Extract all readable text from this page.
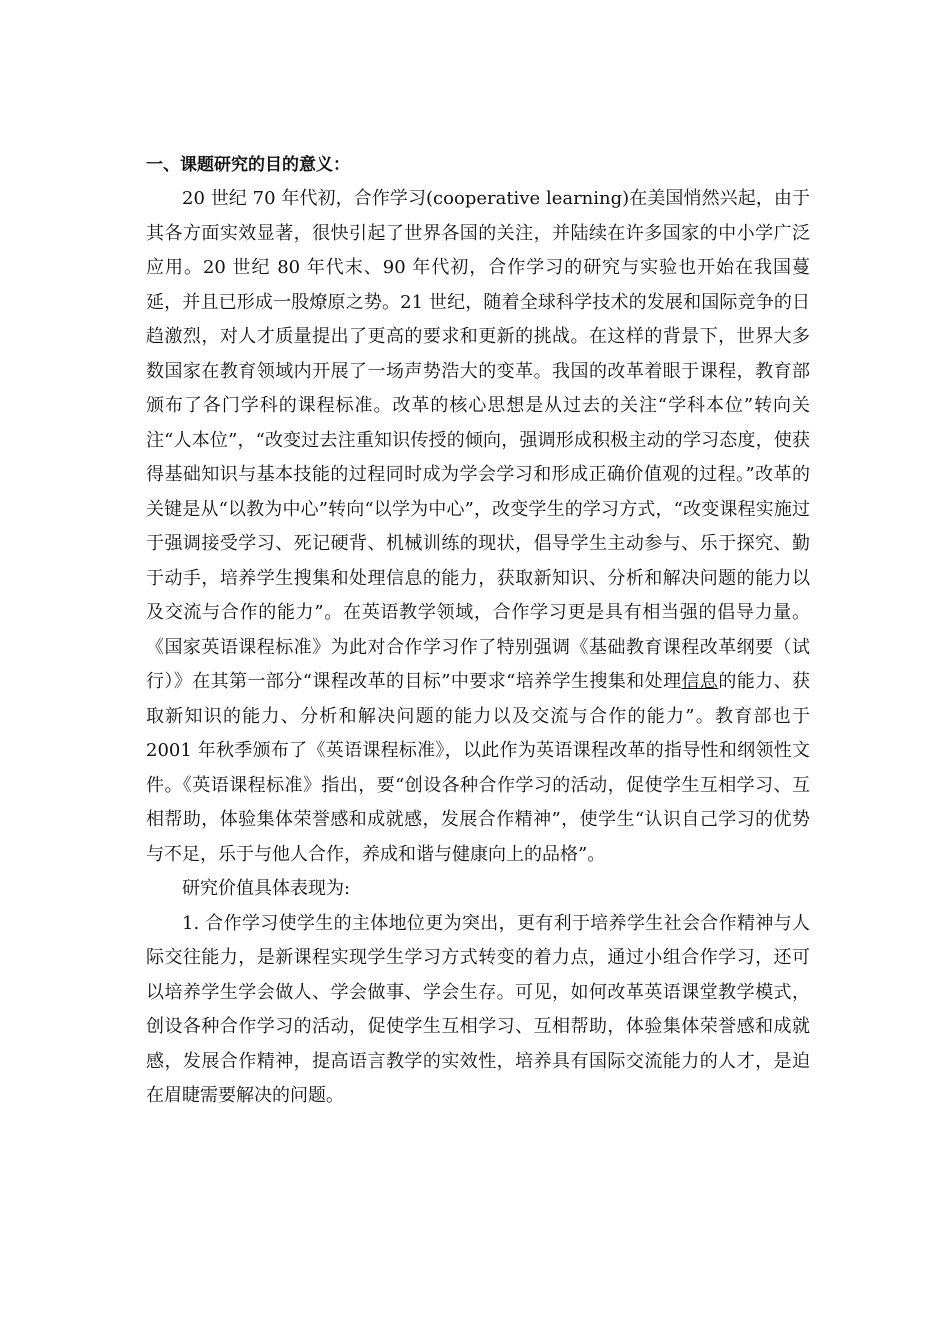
一、课题研究的目的意义：

20 世纪 70 年代初，合作学习(cooperative learning)在美国悄然兴起，由于其各方面实效显著，很快引起了世界各国的关注，并陆续在许多国家的中小学广泛应用。20 世纪 80 年代末、90 年代初，合作学习的研究与实验也开始在我国蔓延，并且已形成一股燎原之势。21 世纪，随着全球科学技术的发展和国际竞争的日趋激烈，对人才质量提出了更高的要求和更新的挑战。在这样的背景下，世界大多数国家在教育领域内开展了一场声势浩大的变革。我国的改革着眼于课程，教育部颁布了各门学科的课程标准。改革的核心思想是从过去的关注“学科本位”转向关注“人本位”，“改变过去注重知识传授的倾向，强调形成积极主动的学习态度，使获得基础知识与基本技能的过程同时成为学会学习和形成正确价值观的过程。”改革的关键是从“以教为中心”转向“以学为中心”，改变学生的学习方式，“改变课程实施过于强调接受学习、死记硬背、机械训练的现状，倡导学生主动参与、乐于探究、勤于动手，培养学生搜集和处理信息的能力，获取新知识、分析和解决问题的能力以及交流与合作的能力”。在英语教学领域，合作学习更是具有相当强的倡导力量。《国家英语课程标准》为此对合作学习作了特别强调《基础教育课程改革纲要（试行）》在其第一部分“课程改革的目标”中要求“培养学生搜集和处理信息的能力、获取新知识的能力、分析和解决问题的能力以及交流与合作的能力”。教育部也于 2001 年秋季颁布了《英语课程标准》，以此作为英语课程改革的指导性和纲领性文件。《英语课程标准》指出，要“创设各种合作学习的活动，促使学生互相学习、互相帮助，体验集体荣誉感和成就感，发展合作精神”，使学生“认识自己学习的优势与不足，乐于与他人合作，养成和谐与健康向上的品格”。

研究价值具体表现为:

1. 合作学习使学生的主体地位更为突出，更有利于培养学生社会合作精神与人际交往能力，是新课程实现学生学习方式转变的着力点，通过小组合作学习，还可以培养学生学会做人、学会做事、学会生存。可见，如何改革英语课堂教学模式，创设各种合作学习的活动，促使学生互相学习、互相帮助，体验集体荣誉感和成就感，发展合作精神，提高语言教学的实效性，培养具有国际交流能力的人才，是迫在眉睫需要解决的问题。
